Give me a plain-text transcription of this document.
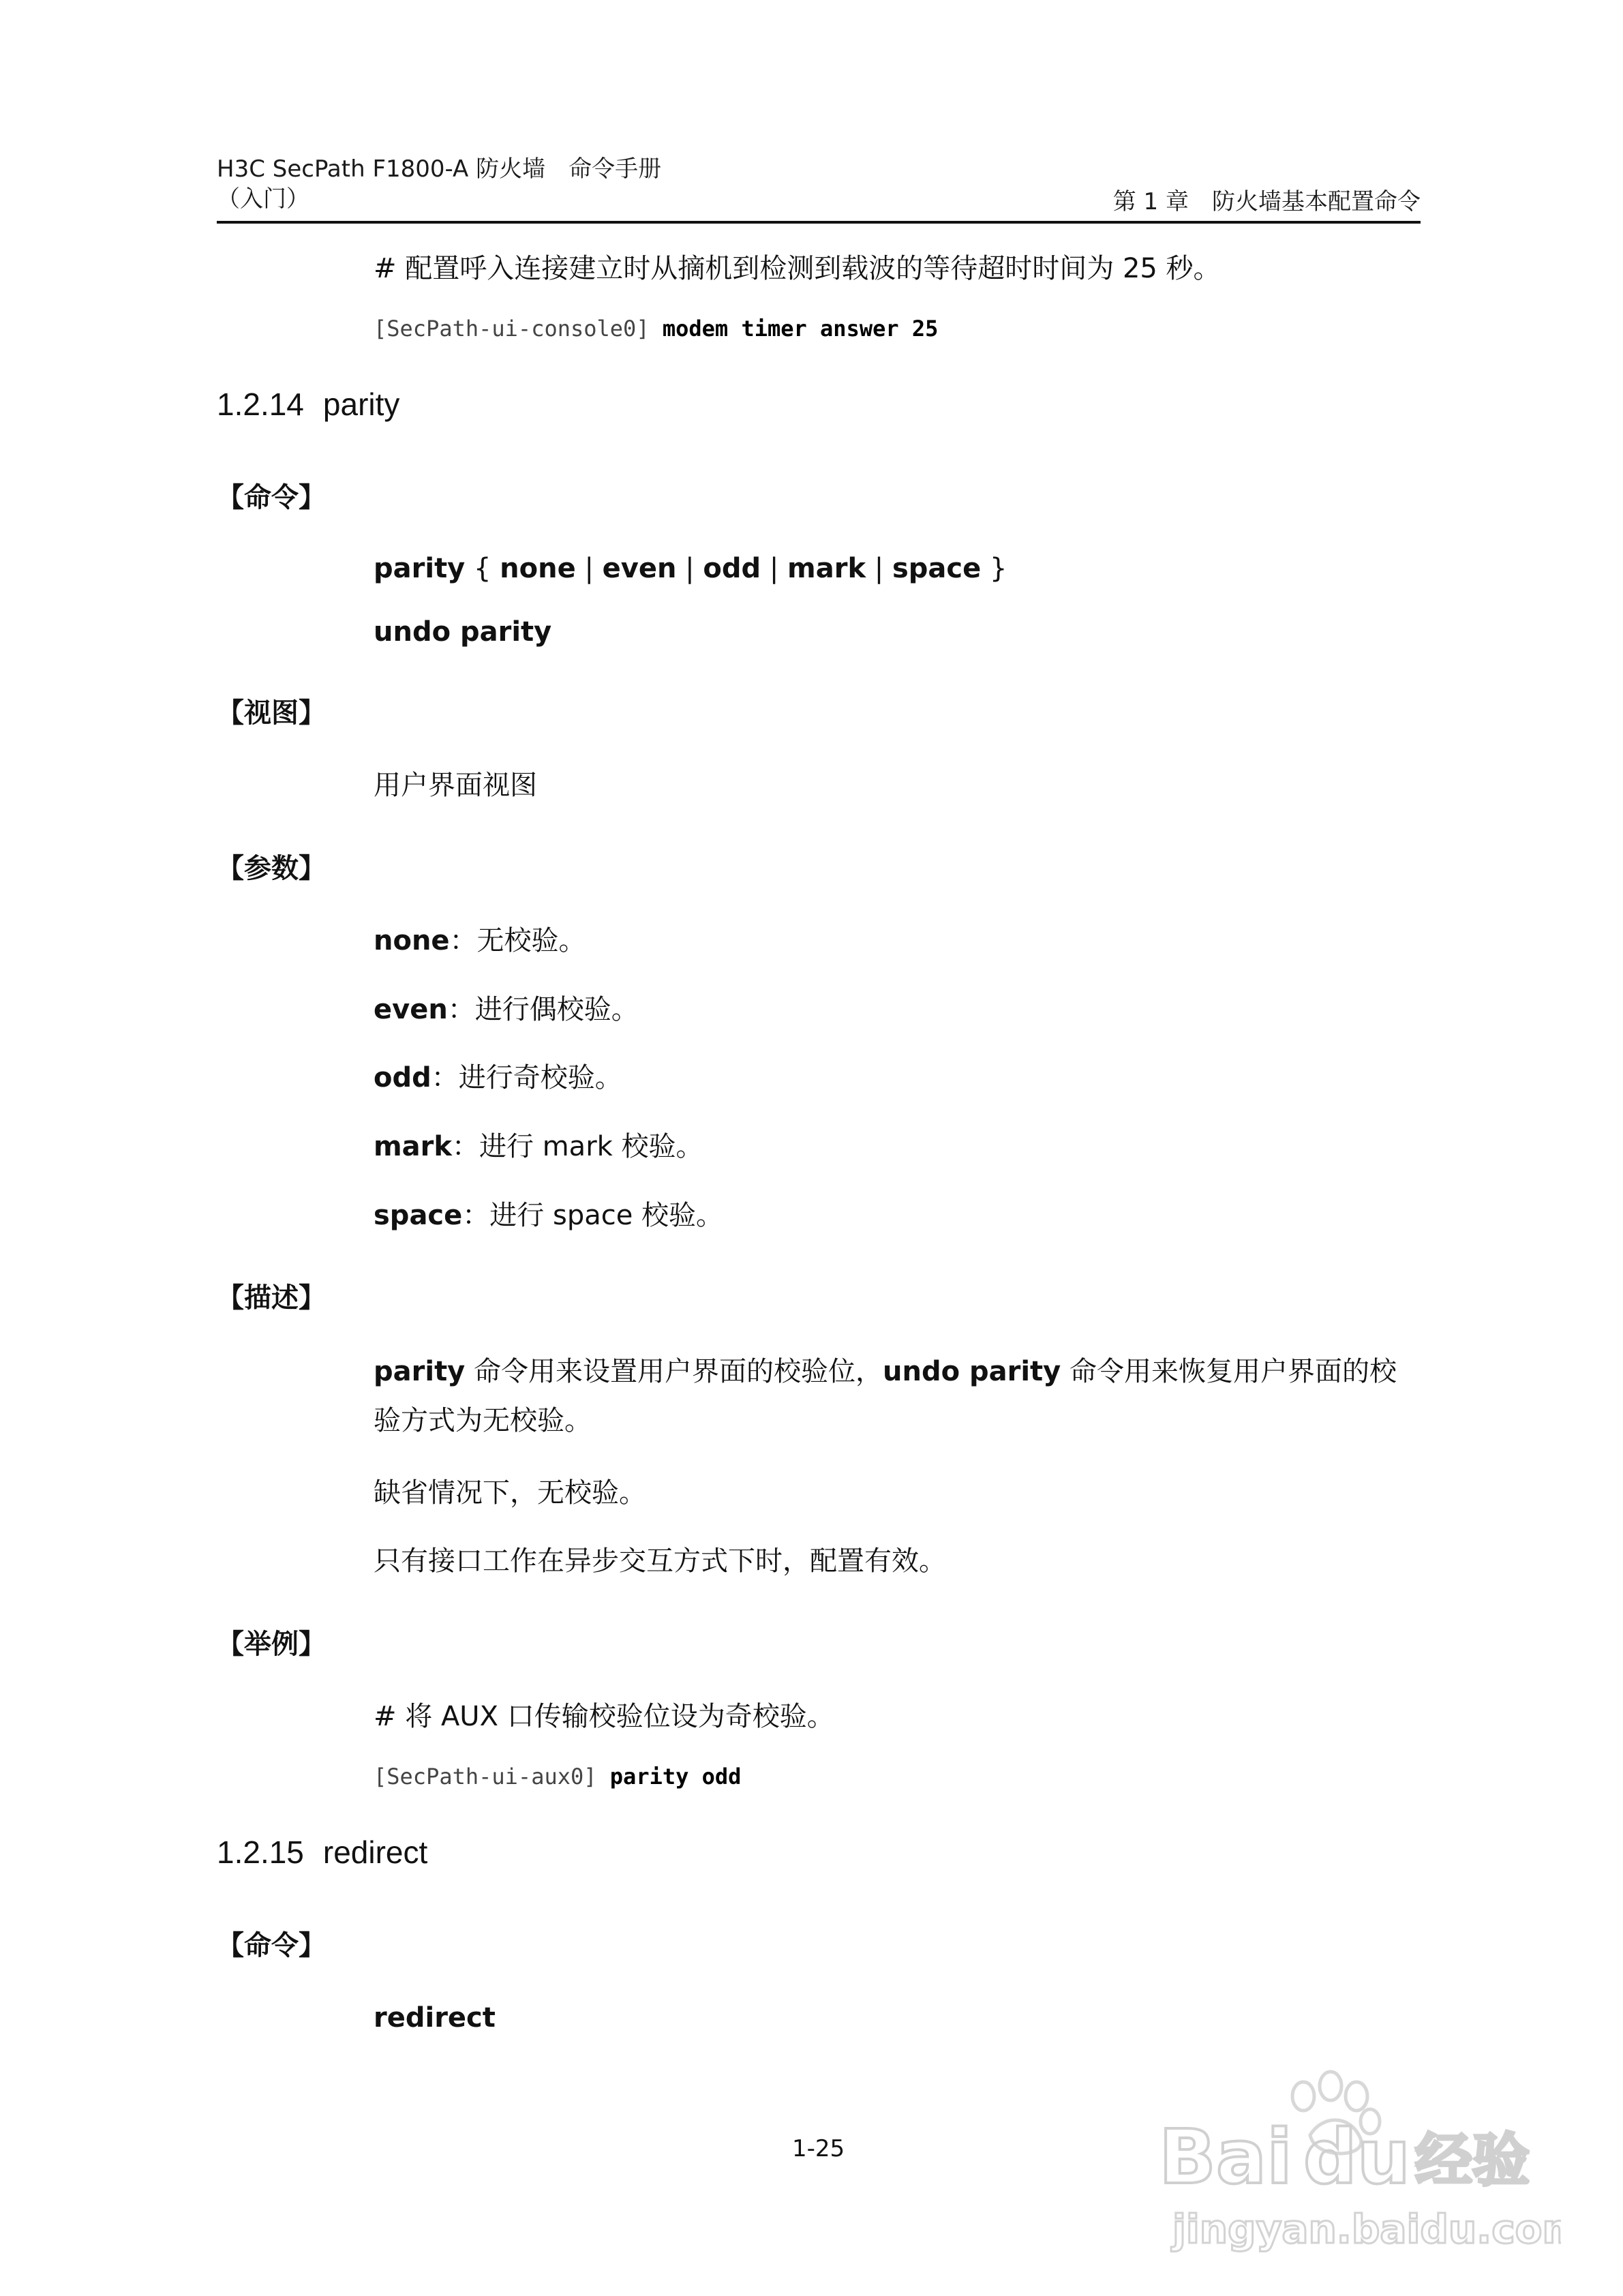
H3C SecPath F1800-A 防火墙　命令手册
（入门）	第 1 章　防火墙基本配置命令
# 配置呼入连接建立时从摘机到检测到载波的等待超时时间为 25 秒。
[SecPath-ui-console0] modem timer answer 25
1.2.14 parity
【命令】
parity { none | even | odd | mark | space }
undo parity
【视图】
用户界面视图
【参数】
none：无校验。
even：进行偶校验。
odd：进行奇校验。
mark：进行 mark 校验。
space：进行 space 校验。
【描述】
parity 命令用来设置用户界面的校验位，undo parity 命令用来恢复用户界面的校验方式为无校验。
缺省情况下，无校验。
只有接口工作在异步交互方式下时，配置有效。
【举例】
# 将 AUX 口传输校验位设为奇校验。
[SecPath-ui-aux0] parity odd
1.2.15 redirect
【命令】
redirect
1-25	Bai du 经验
jingyan.baidu.com
